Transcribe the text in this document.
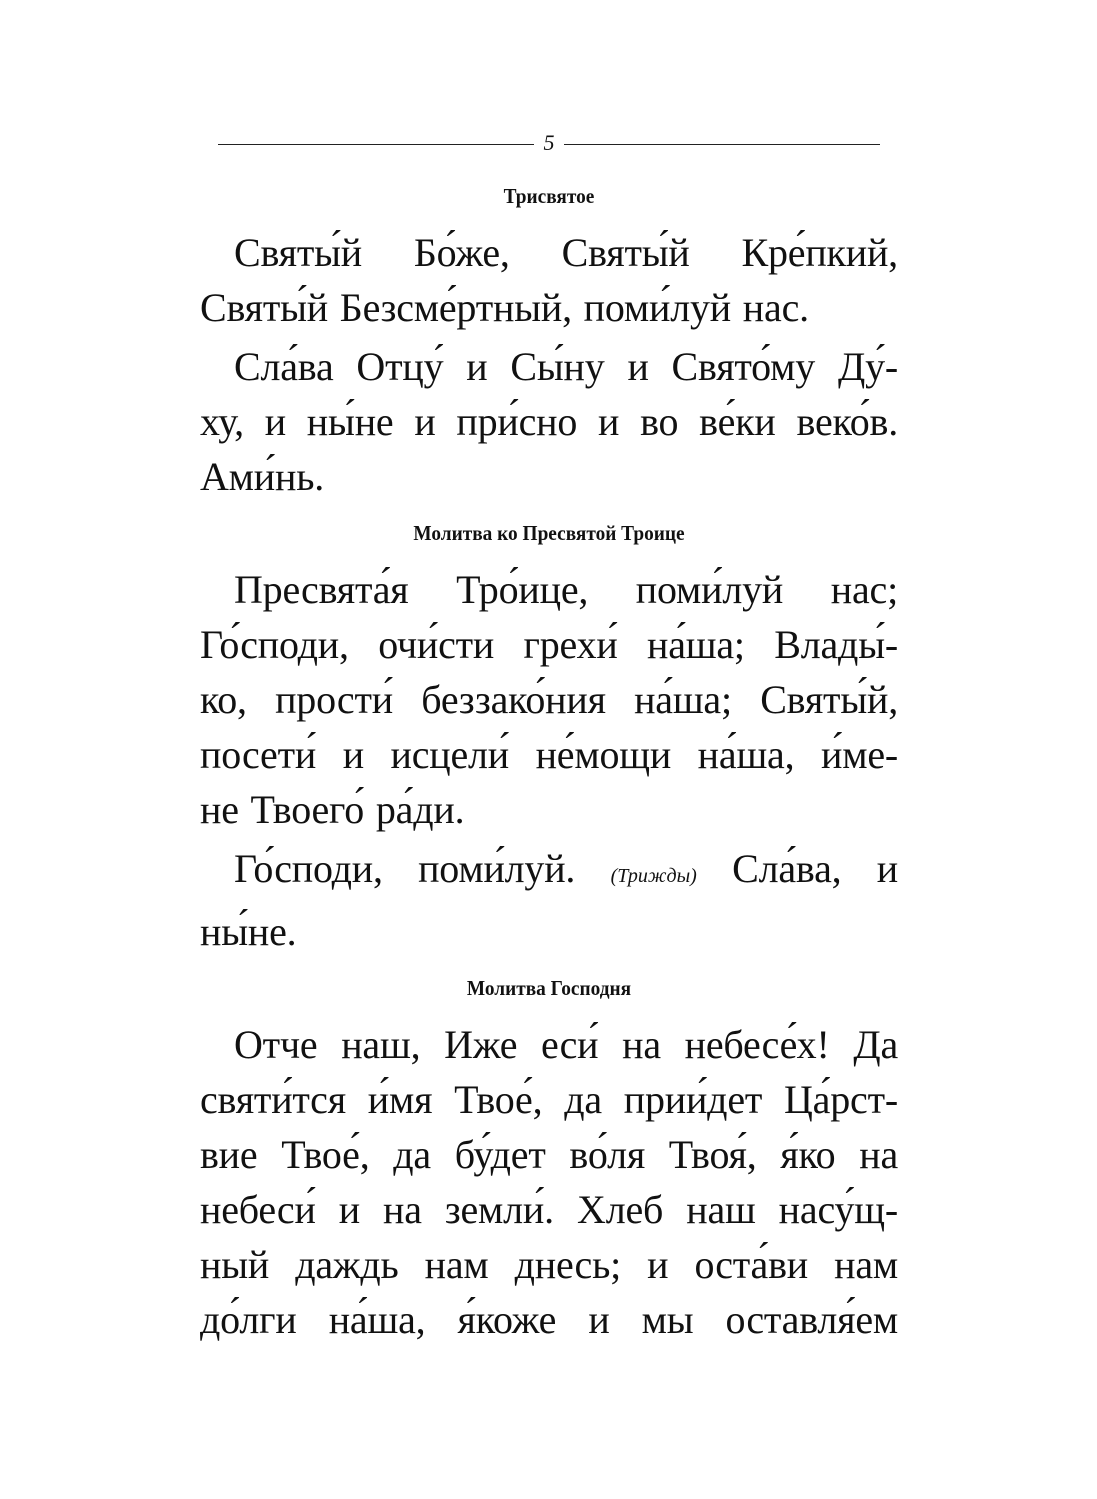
5
Трисвятое
Святы́й Бо́же, Святы́й Кре́пкий,
Святы́й Безсме́ртный, поми́луй нас.
Сла́ва Отцу́ и Сы́ну и Свято́му Ду́-
ху, и ны́не и при́сно и во ве́ки веко́в.
Ами́нь.
Молитва ко Пресвятой Троице
Пресвята́я Тро́ице, поми́луй нас;
Го́споди, очи́сти грехи́ на́ша; Влады́-
ко, прости́ беззако́ния на́ша; Святы́й,
посети́ и исцели́ не́мощи на́ша, и́ме-
не Твоего́ ра́ди.
Го́споди, поми́луй. (Трижды) Сла́ва, и
ны́не.
Молитва Господня
Отче наш, Иже еси́ на небесе́х! Да
святи́тся и́мя Твое́, да прии́дет Ца́рст-
вие Твое́, да бу́дет во́ля Твоя́, я́ко на
небеси́ и на земли́. Хлеб наш насу́щ-
ный даждь нам днесь; и оста́ви нам
до́лги на́ша, я́коже и мы оставля́ем
